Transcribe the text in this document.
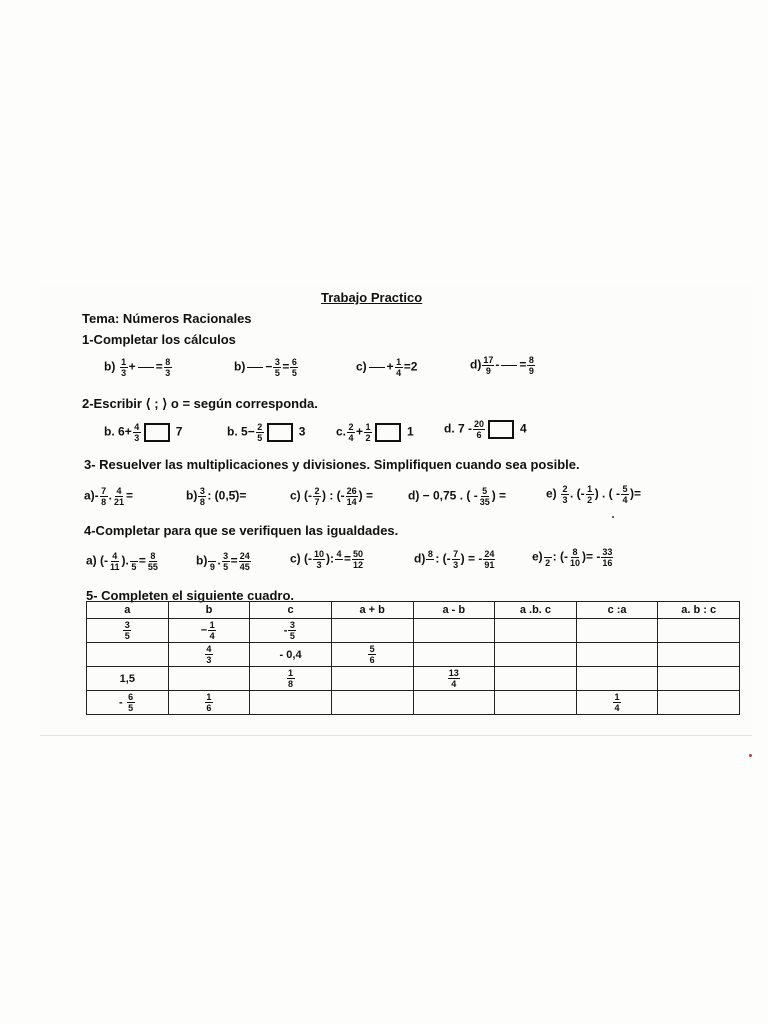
Trabajo Practico
Tema: Números Racionales
1-Completar los cálculos
$b) \frac{1}{3}$ + = $\frac{8}{3}$	$b) - \frac{3}{5} = \frac{6}{5}$	$c) + \frac{1}{4} =2$	$d) \frac{17}{9}$ - = $\frac{8}{9}$
2-Escribir ⟨ ; ⟩ o = según corresponda.
b. $6+ \frac{4}{3}$	7	b. $5- \frac{2}{5}$	3	c. $\frac{2}{4} + \frac{1}{2}$	1	d. $7 - \frac{20}{6}$	4
3- Resuelver las multiplicaciones y divisiones. Simplifiquen cuando sea posible.
$a)- \frac{7}{8}$ . $\frac{4}{21}$ =	$b) \frac{3}{8}$ : (0,5̂)=	c) (- $\frac{2}{7}$ ) : (- $\frac{26}{14}$ ) =	d) − 0,75 . ( - $\frac{5}{35}$ ) =	$e) \frac{2}{3}$ . (- $\frac{1}{2}$ ) . ( - $\frac{5}{4}$ )=
4-Completar para que se verifiquen las igualdades.
a) (- $\frac{4}{11}$ ).
$5 = \frac{8}{55}$	b)
9 . $\frac{3}{5} = \frac{24}{45}$	c) (- $\frac{10}{3}$ ): 4
= $\frac{50}{12}$	d) 8
: (- $\frac{7}{3}$ ) = - $\frac{24}{91}$	e)
2 : (- $\frac{8}{10}$ )= - $\frac{33}{16}$
5- Completen el siguiente cuadro.
a	b	c	a + b	a - b	a .b. c	c :a	a. b : c

$\frac{3}{5}$	− $\frac{1}{4}$	- $\frac{3}{5}$

	$\frac{4}{3}$	- 0,4	$\frac{5}{6}$

1,5		$\frac{1}{8}$		$\frac{13}{4}$

- $\frac{6}{5}$	$\frac{1}{6}$					$\frac{1}{4}$
